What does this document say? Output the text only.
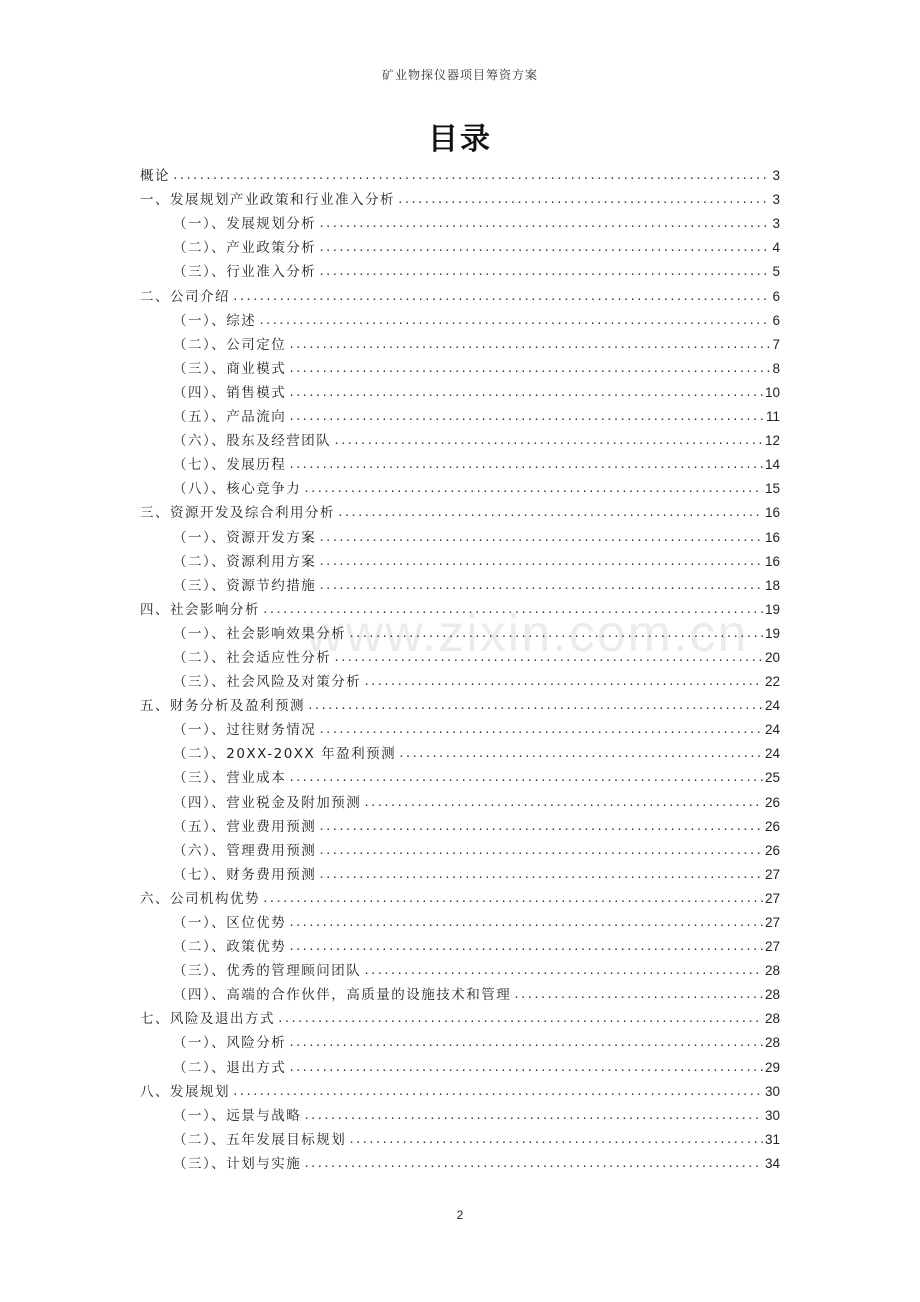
矿业物探仪器项目筹资方案
目录
www.zixin.com.cn
概论 .....	3
一、发展规划产业政策和行业准入分析 .....	3
（一）、发展规划分析 .....	3
（二）、产业政策分析 .....	4
（三）、行业准入分析 .....	5
二、公司介绍 .....	6
（一）、综述 .....	6
（二）、公司定位 .....	7
（三）、商业模式 .....	8
（四）、销售模式 .....	10
（五）、产品流向 .....	11
（六）、股东及经营团队 .....	12
（七）、发展历程 .....	14
（八）、核心竞争力 .....	15
三、资源开发及综合利用分析 .....	16
（一）、资源开发方案 .....	16
（二）、资源利用方案 .....	16
（三）、资源节约措施 .....	18
四、社会影响分析 .....	19
（一）、社会影响效果分析 .....	19
（二）、社会适应性分析 .....	20
（三）、社会风险及对策分析 .....	22
五、财务分析及盈利预测 .....	24
（一）、过往财务情况 .....	24
（二）、20XX-20XX 年盈利预测 .....	24
（三）、营业成本 .....	25
（四）、营业税金及附加预测 .....	26
（五）、营业费用预测 .....	26
（六）、管理费用预测 .....	26
（七）、财务费用预测 .....	27
六、公司机构优势 .....	27
（一）、区位优势 .....	27
（二）、政策优势 .....	27
（三）、优秀的管理顾问团队 .....	28
（四）、高端的合作伙伴，高质量的设施技术和管理 .....	28
七、风险及退出方式 .....	28
（一）、风险分析 .....	28
（二）、退出方式 .....	29
八、发展规划 .....	30
（一）、远景与战略 .....	30
（二）、五年发展目标规划 .....	31
（三）、计划与实施 .....	34
2
